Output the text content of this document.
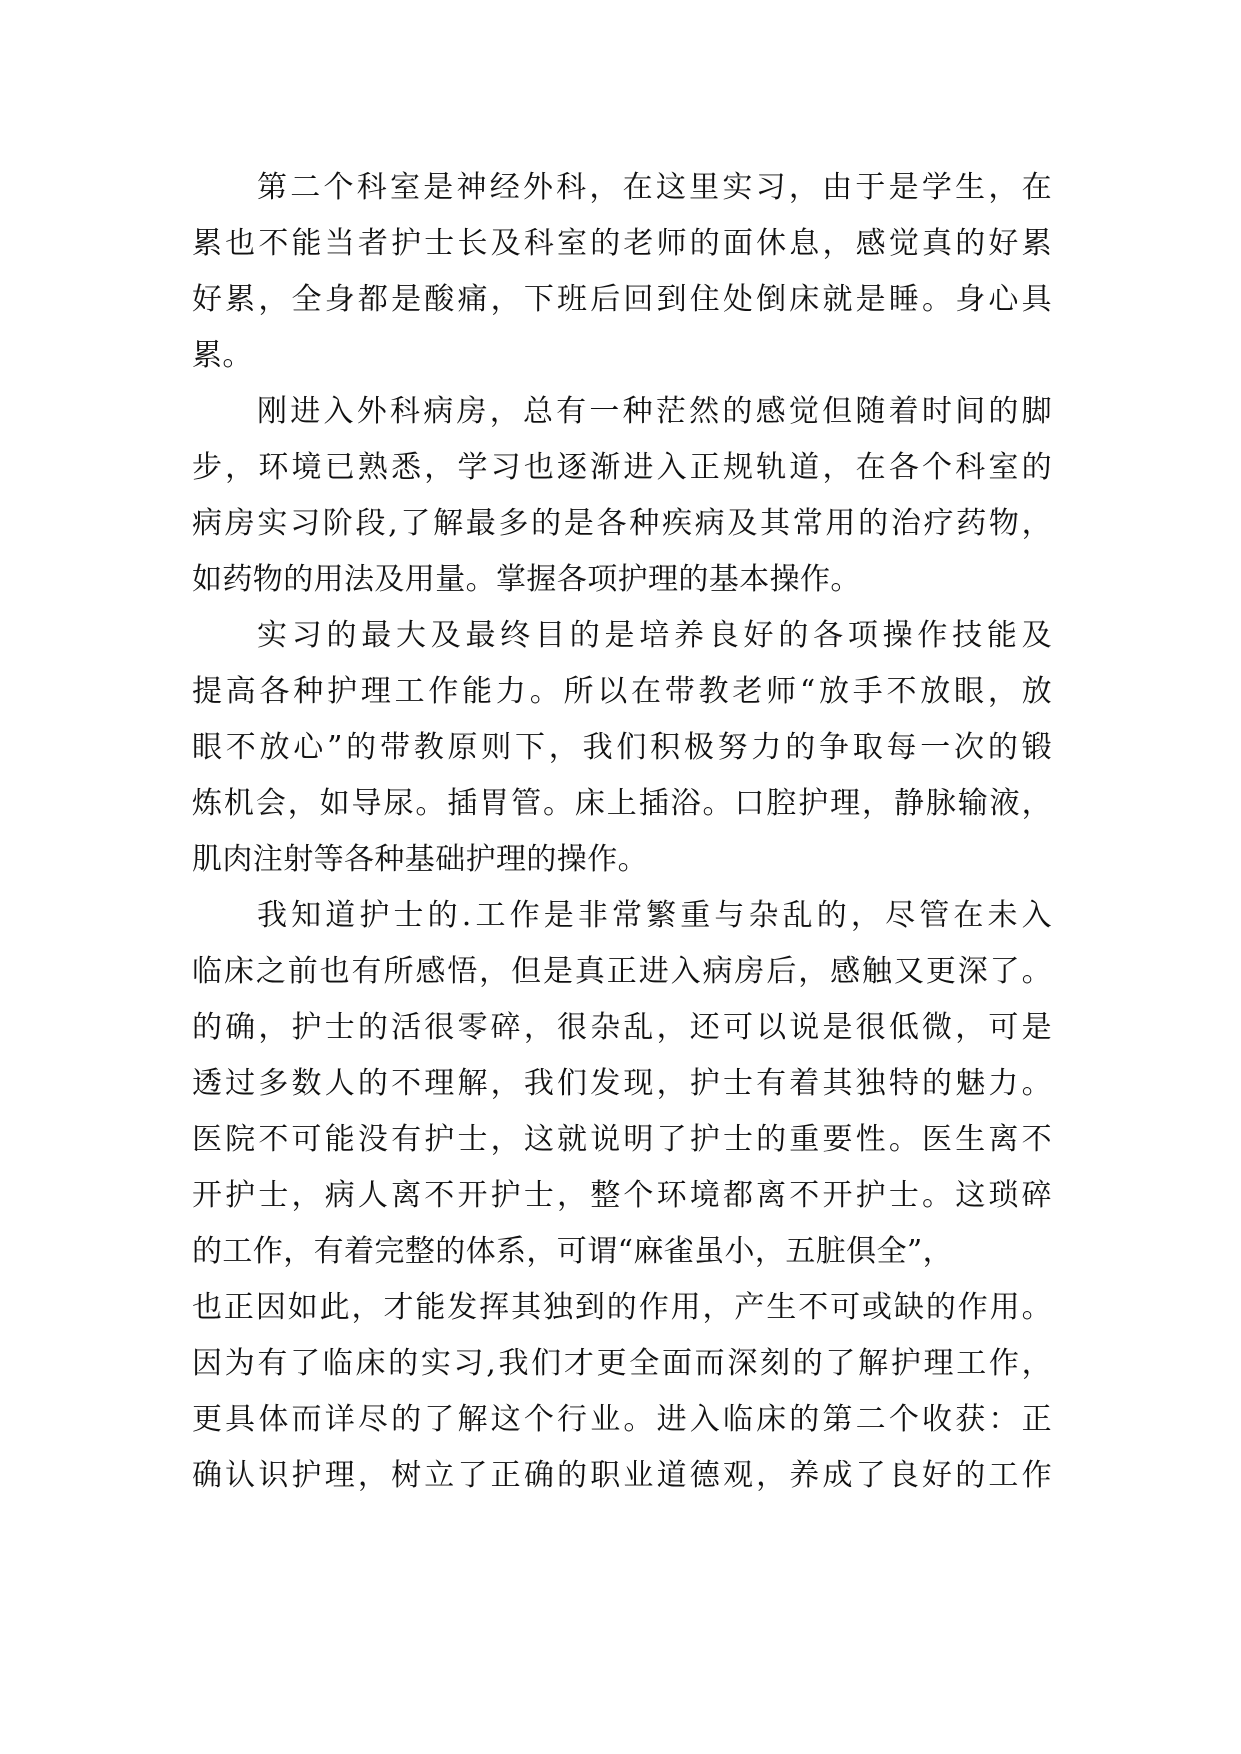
第二个科室是神经外科，在这里实习，由于是学生，在
累也不能当者护士长及科室的老师的面休息，感觉真的好累
好累，全身都是酸痛，下班后回到住处倒床就是睡。身心具
累。
刚进入外科病房，总有一种茫然的感觉但随着时间的脚
步，环境已熟悉，学习也逐渐进入正规轨道，在各个科室的
病房实习阶段,了解最多的是各种疾病及其常用的治疗药物，
如药物的用法及用量。掌握各项护理的基本操作。
实习的最大及最终目的是培养良好的各项操作技能及
提高各种护理工作能力。所以在带教老师“放手不放眼，放
眼不放心”的带教原则下，我们积极努力的争取每一次的锻
炼机会，如导尿。插胃管。床上插浴。口腔护理，静脉输液，
肌肉注射等各种基础护理的操作。
我知道护士的.工作是非常繁重与杂乱的，尽管在未入
临床之前也有所感悟，但是真正进入病房后，感触又更深了。
的确，护士的活很零碎，很杂乱，还可以说是很低微，可是
透过多数人的不理解，我们发现，护士有着其独特的魅力。
医院不可能没有护士，这就说明了护士的重要性。医生离不
开护士，病人离不开护士，整个环境都离不开护士。这琐碎
的工作，有着完整的体系，可谓“麻雀虽小，五脏俱全”，
也正因如此，才能发挥其独到的作用，产生不可或缺的作用。
因为有了临床的实习,我们才更全面而深刻的了解护理工作，
更具体而详尽的了解这个行业。进入临床的第二个收获：正
确认识护理，树立了正确的职业道德观，养成了良好的工作
